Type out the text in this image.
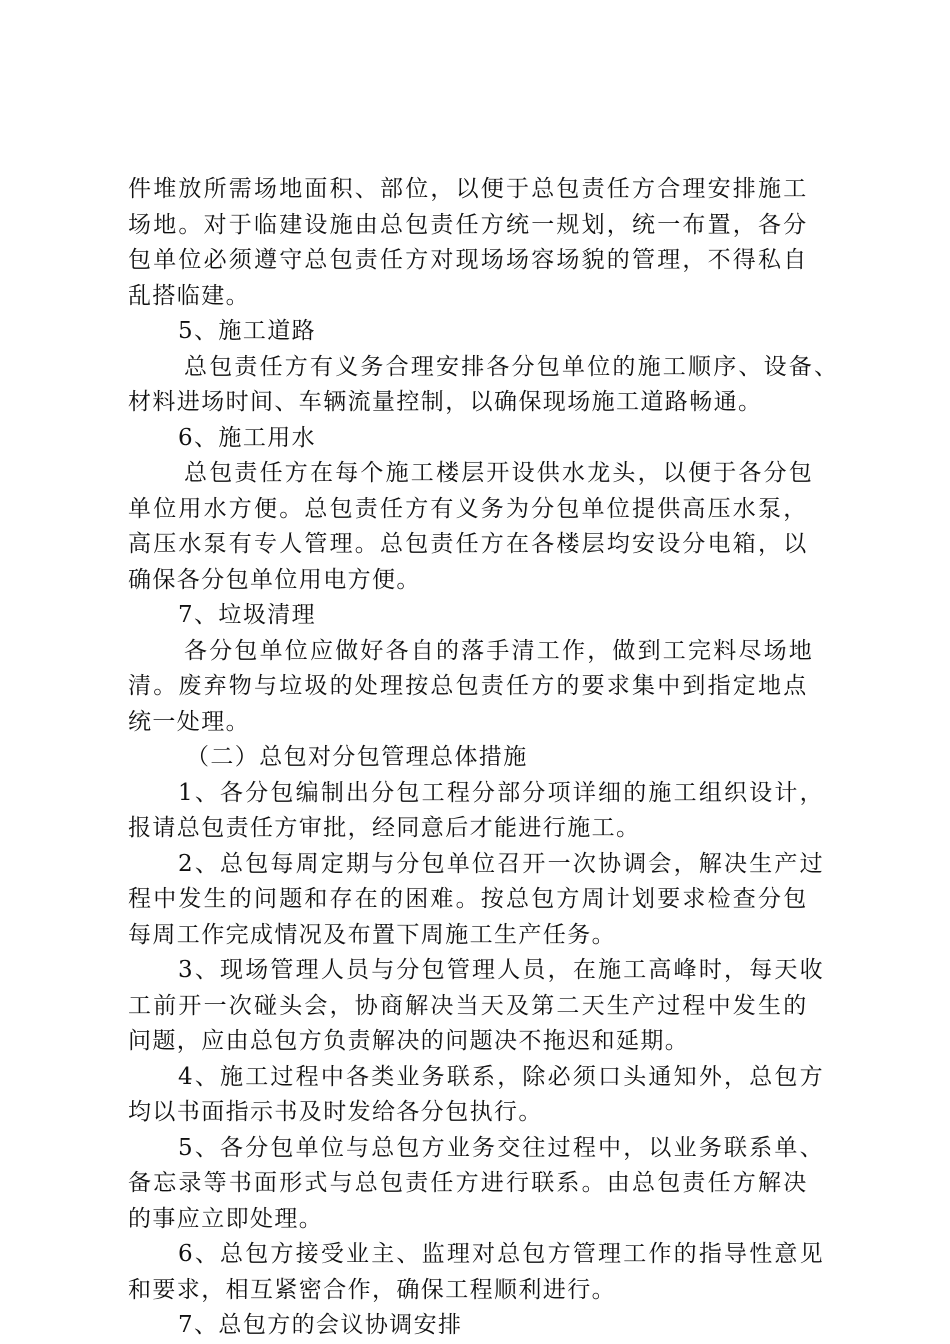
件堆放所需场地面积、部位，以便于总包责任方合理安排施工
场地。对于临建设施由总包责任方统一规划，统一布置，各分
包单位必须遵守总包责任方对现场场容场貌的管理，不得私自
乱搭临建。
5、施工道路
总包责任方有义务合理安排各分包单位的施工顺序、设备、
材料进场时间、车辆流量控制，以确保现场施工道路畅通。
6、施工用水
总包责任方在每个施工楼层开设供水龙头，以便于各分包
单位用水方便。总包责任方有义务为分包单位提供高压水泵，
高压水泵有专人管理。总包责任方在各楼层均安设分电箱，以
确保各分包单位用电方便。
7、垃圾清理
各分包单位应做好各自的落手清工作，做到工完料尽场地
清。废弃物与垃圾的处理按总包责任方的要求集中到指定地点
统一处理。
（二）总包对分包管理总体措施
1、各分包编制出分包工程分部分项详细的施工组织设计，
报请总包责任方审批，经同意后才能进行施工。
2、总包每周定期与分包单位召开一次协调会，解决生产过
程中发生的问题和存在的困难。按总包方周计划要求检查分包
每周工作完成情况及布置下周施工生产任务。
3、现场管理人员与分包管理人员，在施工高峰时，每天收
工前开一次碰头会，协商解决当天及第二天生产过程中发生的
问题，应由总包方负责解决的问题决不拖迟和延期。
4、施工过程中各类业务联系，除必须口头通知外，总包方
均以书面指示书及时发给各分包执行。
5、各分包单位与总包方业务交往过程中，以业务联系单、
备忘录等书面形式与总包责任方进行联系。由总包责任方解决
的事应立即处理。
6、总包方接受业主、监理对总包方管理工作的指导性意见
和要求，相互紧密合作，确保工程顺利进行。
7、总包方的会议协调安排
